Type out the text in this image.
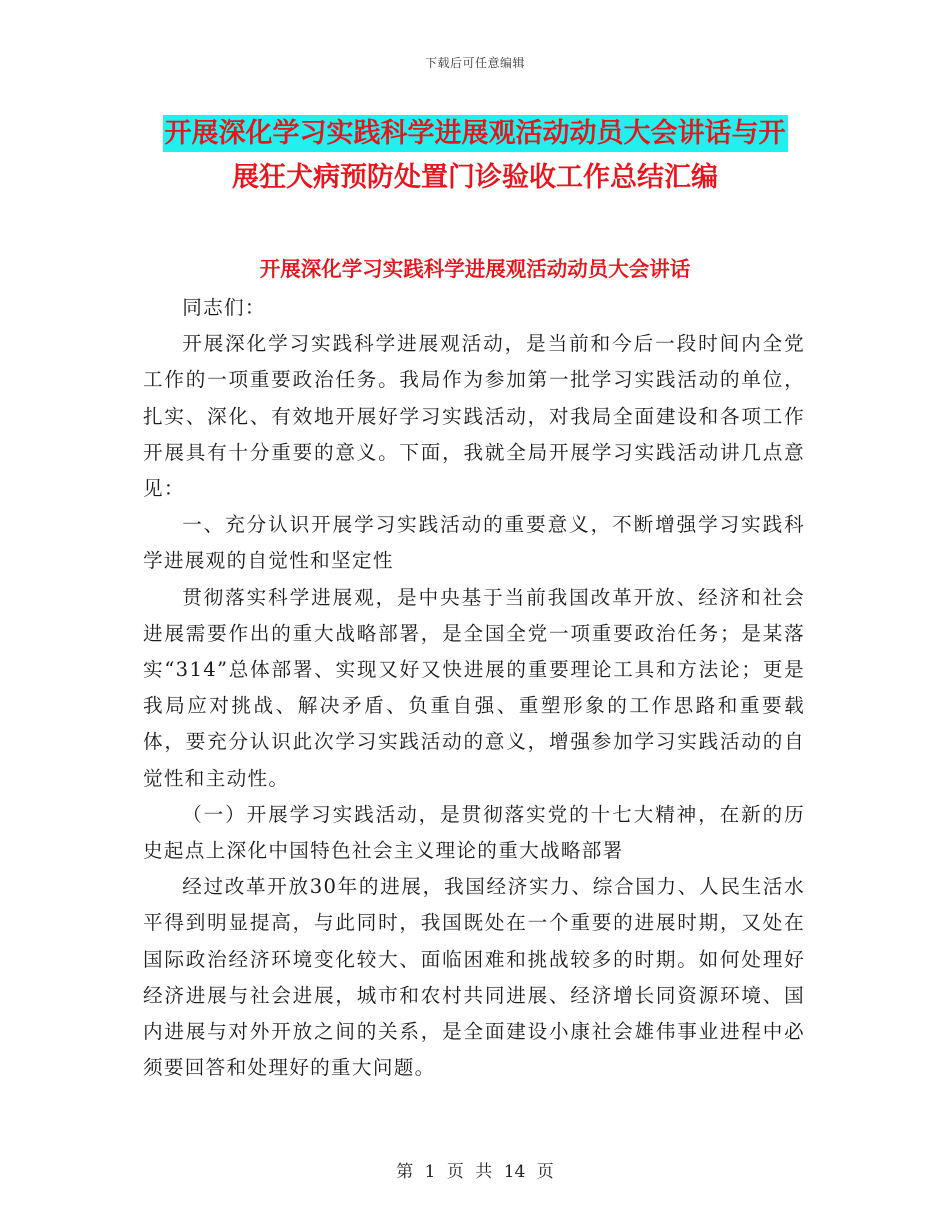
下载后可任意编辑
开展深化学习实践科学进展观活动动员大会讲话与开
展狂犬病预防处置门诊验收工作总结汇编
开展深化学习实践科学进展观活动动员大会讲话

同志们：

开展深化学习实践科学进展观活动，是当前和今后一段时间内全党工作的一项重要政治任务。我局作为参加第一批学习实践活动的单位，扎实、深化、有效地开展好学习实践活动，对我局全面建设和各项工作开展具有十分重要的意义。下面，我就全局开展学习实践活动讲几点意见：

一、充分认识开展学习实践活动的重要意义，不断增强学习实践科学进展观的自觉性和坚定性

贯彻落实科学进展观，是中央基于当前我国改革开放、经济和社会进展需要作出的重大战略部署，是全国全党一项重要政治任务；是某落实“314”总体部署、实现又好又快进展的重要理论工具和方法论；更是我局应对挑战、解决矛盾、负重自强、重塑形象的工作思路和重要载体，要充分认识此次学习实践活动的意义，增强参加学习实践活动的自觉性和主动性。

（一）开展学习实践活动，是贯彻落实党的十七大精神，在新的历史起点上深化中国特色社会主义理论的重大战略部署

经过改革开放30年的进展，我国经济实力、综合国力、人民生活水平得到明显提高，与此同时，我国既处在一个重要的进展时期，又处在国际政治经济环境变化较大、面临困难和挑战较多的时期。如何处理好经济进展与社会进展，城市和农村共同进展、经济增长同资源环境、国内进展与对外开放之间的关系，是全面建设小康社会雄伟事业进程中必须要回答和处理好的重大问题。

第 1 页 共 14 页
